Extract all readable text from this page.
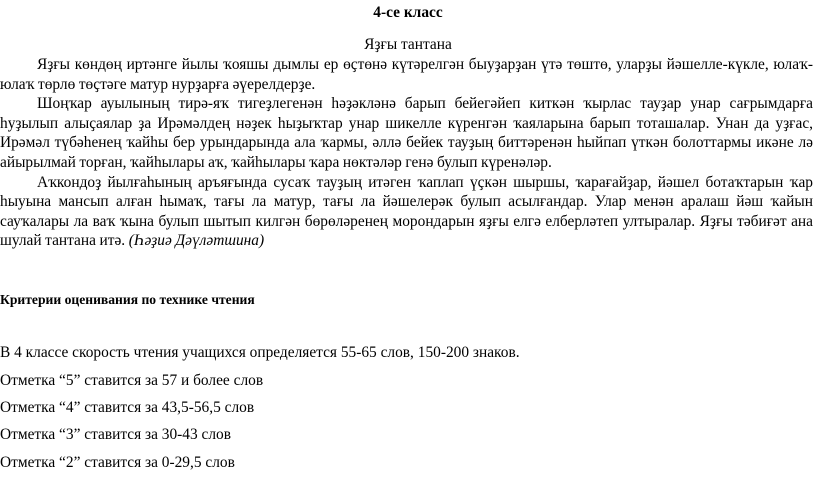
4-се класс
Яҙғы тантана

Яҙғы көндөң иртәнге йылы ҡояшы дымлы ер өҫтөнә күтәрелгән быуҙарҙан үтә төштө, уларҙы йәшелле-күкле, юлаҡ-юлаҡ төрлө төҫтәге матур нурҙарға әүерелдерҙе.

Шоңҡар ауылының тирә-яҡ тигеҙлегенән һәҙәкләнә барып бейегәйеп киткән ҡырлас тауҙар унар сағрымдарға һуҙылып алыҫаялар ҙа Ирәмәлдең нәҙек һыҙыҡтар унар шикелле күренгән ҡаяларына барып тоташалар. Унан да уҙғас, Ирәмәл түбәһенең ҡайһы бер урындарында ала ҡармы, әллә бейек тауҙың биттәренән һыйпап үткән болоттармы икәне лә айырылмай торған, ҡайһылары аҡ, ҡайһылары ҡара нөктәләр генә булып күренәләр.

Аҡкондоҙ йылғаһының аръяғында сусаҡ тауҙың итәген ҡаплап үҫкән шыршы, ҡарағайҙар, йәшел ботаҡтарын ҡар һыуына мансып алған һымаҡ, тағы ла матур, тағы ла йәшелерәк булып асылғандар. Улар менән аралаш йәш ҡайын сауҡалары ла ваҡ ҡына булып шытып килгән бөрөләренең морондарын яҙғы елгә елберләтеп ултыралар. Яҙғы тәбиғәт ана шулай тантана итә. (Һәҙиә Дәүләтшина)

Критерии оценивания по технике чтения

В 4 классе скорость чтения учащихся определяется 55-65 слов, 150-200 знаков.

Отметка “5” ставится за 57 и более слов

Отметка “4” ставится за 43,5-56,5 слов

Отметка “3” ставится за 30-43 слов

Отметка “2” ставится за 0-29,5 слов
